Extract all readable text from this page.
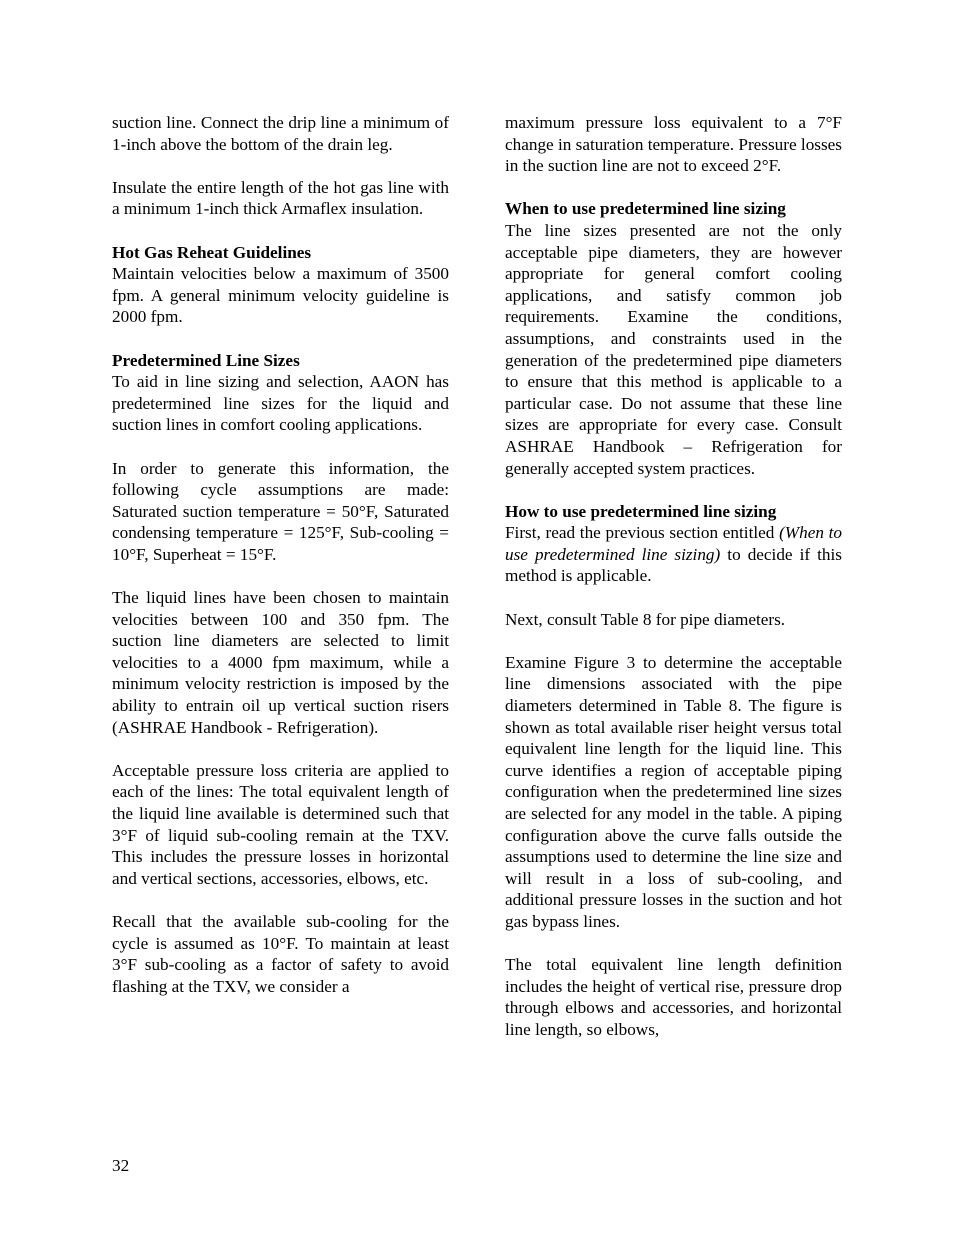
suction line. Connect the drip line a minimum of 1-inch above the bottom of the drain leg.

Insulate the entire length of the hot gas line with a minimum 1-inch thick Armaflex insulation.

Hot Gas Reheat Guidelines

Maintain velocities below a maximum of 3500 fpm. A general minimum velocity guideline is 2000 fpm.

Predetermined Line Sizes

To aid in line sizing and selection, AAON has predetermined line sizes for the liquid and suction lines in comfort cooling applications.

In order to generate this information, the following cycle assumptions are made: Saturated suction temperature = 50°F, Saturated condensing temperature = 125°F, Sub-cooling = 10°F, Superheat = 15°F.

The liquid lines have been chosen to maintain velocities between 100 and 350 fpm. The suction line diameters are selected to limit velocities to a 4000 fpm maximum, while a minimum velocity restriction is imposed by the ability to entrain oil up vertical suction risers (ASHRAE Handbook - Refrigeration).

Acceptable pressure loss criteria are applied to each of the lines: The total equivalent length of the liquid line available is determined such that 3°F of liquid sub-cooling remain at the TXV. This includes the pressure losses in horizontal and vertical sections, accessories, elbows, etc.

Recall that the available sub-cooling for the cycle is assumed as 10°F. To maintain at least 3°F sub-cooling as a factor of safety to avoid flashing at the TXV, we consider a

maximum pressure loss equivalent to a 7°F change in saturation temperature. Pressure losses in the suction line are not to exceed 2°F.

When to use predetermined line sizing

The line sizes presented are not the only acceptable pipe diameters, they are however appropriate for general comfort cooling applications, and satisfy common job requirements. Examine the conditions, assumptions, and constraints used in the generation of the predetermined pipe diameters to ensure that this method is applicable to a particular case. Do not assume that these line sizes are appropriate for every case. Consult ASHRAE Handbook – Refrigeration for generally accepted system practices.

How to use predetermined line sizing

First, read the previous section entitled (When to use predetermined line sizing) to decide if this method is applicable.

Next, consult Table 8 for pipe diameters.

Examine Figure 3 to determine the acceptable line dimensions associated with the pipe diameters determined in Table 8. The figure is shown as total available riser height versus total equivalent line length for the liquid line. This curve identifies a region of acceptable piping configuration when the predetermined line sizes are selected for any model in the table. A piping configuration above the curve falls outside the assumptions used to determine the line size and will result in a loss of sub-cooling, and additional pressure losses in the suction and hot gas bypass lines.

The total equivalent line length definition includes the height of vertical rise, pressure drop through elbows and accessories, and horizontal line length, so elbows,

32
